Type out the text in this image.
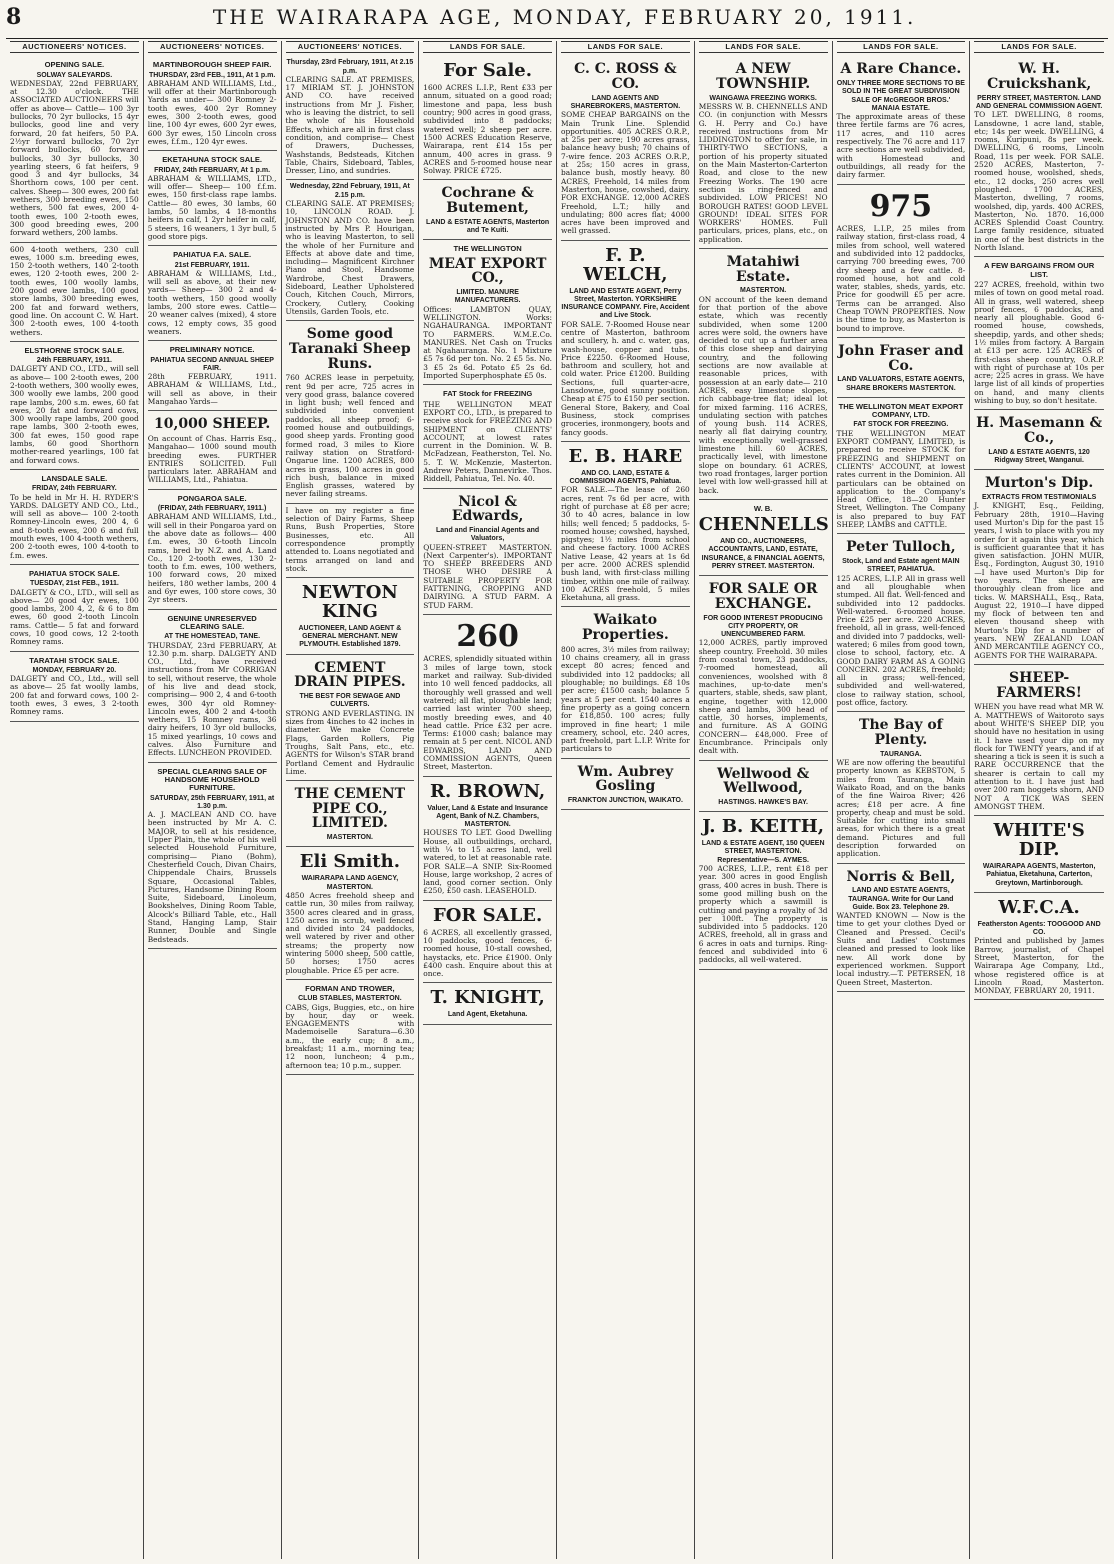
8	THE WAIRARAPA AGE, MONDAY, FEBRUARY 20, 1911.
AUCTIONEERS' NOTICES.
OPENING SALE.
SOLWAY SALEYARDS.
WEDNESDAY, 22nd FEBRUARY, at 12.30 o'clock. THE ASSOCIATED AUCTIONEERS will offer as above— Cattle— 100 3yr bullocks, 70 2yr bullocks, 15 4yr bullocks, good line and very forward, 20 fat heifers, 50 P.A. 2½yr forward bullocks, 70 2yr forward bullocks, 60 forward bullocks, 30 3yr bullocks, 30 yearling steers, 6 fat heifers, 9 good 3 and 4yr bullocks, 34 Shorthorn cows, 100 per cent. calves. Sheep— 300 ewes, 200 fat wethers, 300 breeding ewes, 150 wethers, 500 fat ewes, 200 4-tooth ewes, 100 2-tooth ewes, 300 good breeding ewes, 200 forward wethers, 200 lambs.
600 4-tooth wethers, 230 cull ewes, 1000 s.m. breeding ewes, 150 2-tooth wethers, 140 2-tooth ewes, 120 2-tooth ewes, 200 2-tooth ewes, 100 woolly lambs, 200 good ewe lambs, 100 good store lambs, 300 breeding ewes, 200 fat and forward wethers, good line. On account C. W. Hart. 300 2-tooth ewes, 100 4-tooth wethers.
ELSTHORNE STOCK SALE.
24th FEBRUARY, 1911.
DALGETY AND CO., LTD., will sell as above— 100 2-tooth ewes, 200 2-tooth wethers, 300 woolly ewes, 300 woolly ewe lambs, 200 good rape lambs, 200 s.m. ewes, 60 fat ewes, 20 fat and forward cows, 300 woolly rape lambs, 200 good rape lambs, 300 2-tooth ewes, 300 fat ewes, 150 good rape lambs, 60 good Shorthorn mother-reared yearlings, 100 fat and forward cows.
LANSDALE SALE.
FRIDAY, 24th FEBRUARY.
To be held in Mr H. H. RYDER'S YARDS. DALGETY AND CO., Ltd., will sell as above— 100 2-tooth Romney-Lincoln ewes, 200 4, 6 and 8-tooth ewes, 200 6 and full mouth ewes, 100 4-tooth wethers, 200 2-tooth ewes, 100 4-tooth to f.m. ewes.
PAHIATUA STOCK SALE.
TUESDAY, 21st FEB., 1911.
DALGETY & CO., LTD., will sell as above— 20 good 4yr ewes, 100 good lambs, 200 4, 2, & 6 to 8m ewes, 60 good 2-tooth Lincoln rams. Cattle— 5 fat and forward cows, 10 good cows, 12 2-tooth Romney rams.
TARATAHI STOCK SALE.
MONDAY, FEBRUARY 20.
DALGETY and CO., Ltd., will sell as above— 25 fat woolly lambs, 200 fat and forward cows, 100 2-tooth ewes, 3 ewes, 3 2-tooth Romney rams.
AUCTIONEERS' NOTICES.
MARTINBOROUGH SHEEP FAIR.
THURSDAY, 23rd FEB., 1911, At 1 p.m.
ABRAHAM AND WILLIAMS, Ltd., will offer at their Martinborough Yards as under— 300 Romney 2-tooth ewes, 400 2yr Romney ewes, 300 2-tooth ewes, good line, 100 4yr ewes, 600 2yr ewes, 600 3yr ewes, 150 Lincoln cross ewes, f.f.m., 120 4yr ewes.
EKETAHUNA STOCK SALE.
FRIDAY, 24th FEBRUARY, At 1 p.m.
ABRAHAM & WILLIAMS, LTD., will offer— Sheep— 100 f.f.m. ewes, 150 first-class rape lambs. Cattle— 80 ewes, 30 lambs, 60 lambs, 50 lambs, 4 18-months heifers in calf, 1 2yr heifer in calf, 5 steers, 16 weaners, 1 3yr bull, 5 good store pigs.
PAHIATUA F.A. SALE.
21st FEBRUARY, 1911.
ABRAHAM & WILLIAMS, Ltd., will sell as above, at their new yards— Sheep— 300 2 and 4-tooth wethers, 150 good woolly lambs, 200 store ewes. Cattle— 20 weaner calves (mixed), 4 store cows, 12 empty cows, 35 good weaners.
PRELIMINARY NOTICE.
PAHIATUA SECOND ANNUAL SHEEP FAIR.
28th FEBRUARY, 1911. ABRAHAM & WILLIAMS, Ltd., will sell as above, in their Mangahao Yards—
10,000 SHEEP.
On account of Chas. Harris Esq., Mangahao— 1000 sound mouth breeding ewes. FURTHER ENTRIES SOLICITED. Full particulars later. ABRAHAM and WILLIAMS, Ltd., Pahiatua.
PONGAROA SALE.
(FRIDAY, 24th FEBRUARY, 1911.)
ABRAHAM AND WILLIAMS, Ltd., will sell in their Pongaroa yard on the above date as follows— 400 f.m. ewes, 30 6-tooth Lincoln rams, bred by N.Z. and A. Land Co., 120 2-tooth ewes, 130 2-tooth to f.m. ewes, 100 wethers, 100 forward cows, 20 mixed heifers, 180 wether lambs, 200 4 and 6yr ewes, 100 store cows, 30 2yr steers.
GENUINE UNRESERVED CLEARING SALE.
AT THE HOMESTEAD, TANE.
THURSDAY, 23rd FEBRUARY, At 12.30 p.m. sharp. DALGETY AND CO., Ltd., have received instructions from Mr CORRIGAN to sell, without reserve, the whole of his live and dead stock, comprising— 900 2, 4 and 6-tooth ewes, 300 4yr old Romney-Lincoln ewes, 400 2 and 4-tooth wethers, 15 Romney rams, 36 dairy heifers, 10 3yr old bullocks, 15 mixed yearlings, 10 cows and calves. Also Furniture and Effects. LUNCHEON PROVIDED.
SPECIAL CLEARING SALE OF HANDSOME HOUSEHOLD FURNITURE.
SATURDAY, 25th FEBRUARY, 1911, at 1.30 p.m.
A. J. MACLEAN AND CO. have been instructed by Mr A. C. MAJOR, to sell at his residence, Upper Plain, the whole of his well selected Household Furniture, comprising— Piano (Bohm), Chesterfield Couch, Divan Chairs, Chippendale Chairs, Brussels Square, Occasional Tables, Pictures, Handsome Dining Room Suite, Sideboard, Linoleum, Bookshelves, Dining Room Table, Alcock's Billiard Table, etc., Hall Stand, Hanging Lamp, Stair Runner, Double and Single Bedsteads.
AUCTIONEERS' NOTICES.
Thursday, 23rd February, 1911, At 2.15 p.m.
CLEARING SALE. AT PREMISES, 17 MIRIAM ST. J. JOHNSTON AND CO. have received instructions from Mr J. Fisher, who is leaving the district, to sell the whole of his Household Effects, which are all in first class condition, and comprise— Chest of Drawers, Duchesses, Washstands, Bedsteads, Kitchen Table, Chairs, Sideboard, Tables, Dresser, Lino, and sundries.
Wednesday, 22nd February, 1911, At 2.15 p.m.
CLEARING SALE. AT PREMISES; 10, LINCOLN ROAD. J. JOHNSTON AND CO. have been instructed by Mrs P. Hourigan, who is leaving Masterton, to sell the whole of her Furniture and Effects at above date and time, including— Magnificent Kirchner Piano and Stool, Handsome Wardrobe, Chest Drawers, Sideboard, Leather Upholstered Couch, Kitchen Couch, Mirrors, Crockery, Cutlery, Cooking Utensils, Garden Tools, etc.
Some good Taranaki Sheep Runs.
760 ACRES lease in perpetuity, rent 9d per acre, 725 acres in very good grass, balance covered in light bush; well fenced and subdivided into convenient paddocks, all sheep proof; 6-roomed house and outbuildings, good sheep yards. Fronting good formed road, 3 miles to Kiore railway station on Stratford-Ongarue line. 1200 ACRES, 800 acres in grass, 100 acres in good rich bush, balance in mixed English grasses, watered by never failing streams.
I have on my register a fine selection of Dairy Farms, Sheep Runs, Bush Properties, Store Businesses, etc. All correspondence promptly attended to. Loans negotiated and terms arranged on land and stock.
NEWTON KING
AUCTIONEER, LAND AGENT & GENERAL MERCHANT. NEW PLYMOUTH. Established 1879.
CEMENT DRAIN PIPES.
THE BEST FOR SEWAGE AND CULVERTS.
STRONG AND EVERLASTING. IN sizes from 4inches to 42 inches in diameter. We make Concrete Flags, Garden Rollers, Pig Troughs, Salt Pans, etc., etc. AGENTS for Wilson's STAR brand Portland Cement and Hydraulic Lime.
THE CEMENT PIPE CO., LIMITED.
MASTERTON.
Eli Smith.
WAIRARAPA LAND AGENCY, MASTERTON.
4850 Acres freehold sheep and cattle run, 30 miles from railway, 3500 acres cleared and in grass, 1250 acres in scrub, well fenced and divided into 24 paddocks, well watered by river and other streams; the property now wintering 5000 sheep, 500 cattle, 50 horses; 1750 acres ploughable. Price £5 per acre.
FORMAN AND TROWER,
CLUB STABLES, MASTERTON.
CABS, Gigs, Buggies, etc., on hire by hour, day or week. ENGAGEMENTS with Mademoiselle Saratura—6.30 a.m., the early cup; 8 a.m., breakfast; 11 a.m., morning tea; 12 noon, luncheon; 4 p.m., afternoon tea; 10 p.m., supper.
LANDS FOR SALE.
For Sale.
1600 ACRES L.I.P., Rent £33 per annum, situated on a good road; limestone and papa, less bush country; 900 acres in good grass, subdivided into 8 paddocks; watered well; 2 sheep per acre. 1500 ACRES Education Reserve, Wairarapa, rent £14 15s per annum, 400 acres in grass. 9 ACRES and 5-roomed house near Solway. PRICE £725.
Cochrane & Butement,
LAND & ESTATE AGENTS, Masterton and Te Kuiti.
THE WELLINGTON
MEAT EXPORT CO.,
LIMITED. MANURE MANUFACTURERS.
Offices: LAMBTON QUAY, WELLINGTON. Works: NGAHAURANGA. IMPORTANT TO FARMERS. W.M.E.Co. MANURES. Net Cash on Trucks at Ngahauranga. No. 1 Mixture £5 7s 6d per ton. No. 2 £5 5s. No. 3 £5 2s 6d. Potato £5 2s 6d. Imported Superphosphate £5 0s.
FAT Stock for FREEZING
THE WELLINGTON MEAT EXPORT CO., LTD., is prepared to receive stock for FREEZING AND SHIPMENT on CLIENTS' ACCOUNT, at lowest rates current in the Dominion. W. B. McFadzean, Featherston, Tel. No. 5. T. W. McKenzie, Masterton. Andrew Peters, Dannevirke. Thos. Riddell, Pahiatua, Tel. No. 40.
Nicol & Edwards,
Land and Financial Agents and Valuators,
QUEEN-STREET MASTERTON. (Next Carpenter's). IMPORTANT TO SHEEP BREEDERS AND THOSE WHO DESIRE A SUITABLE PROPERTY FOR FATTENING, CROPPING AND DAIRYING. A STUD FARM. A STUD FARM.
260
ACRES, splendidly situated within 3 miles of large town, stock market and railway. Sub-divided into 10 well fenced paddocks, all thoroughly well grassed and well watered; all flat, ploughable land; carried last winter 700 sheep, mostly breeding ewes, and 40 head cattle. Price £32 per acre. Terms: £1000 cash; balance may remain at 5 per cent. NICOL AND EDWARDS, LAND AND COMMISSION AGENTS, Queen Street, Masterton.
R. BROWN,
Valuer, Land & Estate and Insurance Agent, Bank of N.Z. Chambers, MASTERTON.
HOUSES TO LET. Good Dwelling House, all outbuildings, orchard, with ¼ to 15 acres land, well watered, to let at reasonable rate. FOR SALE—A SNIP. Six-Roomed House, large workshop, 2 acres of land, good corner section. Only £250, £50 cash. LEASEHOLD.
FOR SALE.
6 ACRES, all excellently grassed, 10 paddocks, good fences, 6-roomed house, 10-stall cowshed, haystacks, etc. Price £1900. Only £400 cash. Enquire about this at once.
T. KNIGHT,
Land Agent, Eketahuna.
LANDS FOR SALE.
C. C. ROSS & CO.
LAND AGENTS AND SHAREBROKERS, MASTERTON.
SOME CHEAP BARGAINS on the Main Trunk Line. Splendid opportunities. 405 ACRES O.R.P., at 25s per acre; 190 acres grass, balance heavy bush; 70 chains of 7-wire fence. 203 ACRES O.R.P., at 25s; 150 acres in grass, balance bush, mostly heavy. 80 ACRES, Freehold, 14 miles from Masterton, house, cowshed, dairy. FOR EXCHANGE. 12,000 ACRES Freehold, L.T.; hilly and undulating; 800 acres flat; 4000 acres have been improved and well grassed.
F. P. WELCH,
LAND AND ESTATE AGENT, Perry Street, Masterton. YORKSHIRE INSURANCE COMPANY. Fire, Accident and Live Stock.
FOR SALE. 7-Roomed House near centre of Masterton, bathroom and scullery, h. and c. water, gas, wash-house, copper and tubs. Price £2250. 6-Roomed House, bathroom and scullery, hot and cold water. Price £1200. Building Sections, full quarter-acre, Lansdowne, good sunny position. Cheap at £75 to £150 per section. General Store, Bakery, and Coal Business, stock comprises groceries, ironmongery, boots and fancy goods.
E. B. HARE
AND CO. LAND, ESTATE & COMMISSION AGENTS, Pahiatua.
FOR SALE.—The lease of 260 acres, rent 7s 6d per acre, with right of purchase at £8 per acre; 30 to 40 acres, balance in low hills; well fenced; 5 paddocks, 5-roomed house; cowshed, hayshed, pigstyes; 1½ miles from school and cheese factory. 1000 ACRES Native Lease, 42 years at 1s 6d per acre. 2000 ACRES splendid bush land, with first-class milling timber, within one mile of railway. 100 ACRES freehold, 5 miles Eketahuna, all grass.
Waikato Properties.
800 acres, 3½ miles from railway; 10 chains creamery, all in grass except 80 acres; fenced and subdivided into 12 paddocks; all ploughable; no buildings. £8 10s per acre; £1500 cash; balance 5 years at 5 per cent. 1540 acres a fine property as a going concern for £18,850. 100 acres; fully improved in fine heart; 1 mile creamery, school, etc. 240 acres, part freehold, part L.I.P. Write for particulars to
Wm. Aubrey Gosling
FRANKTON JUNCTION, WAIKATO.
LANDS FOR SALE.
A NEW TOWNSHIP.
WAINGAWA FREEZING WORKS.
MESSRS W. B. CHENNELLS AND CO. (in conjunction with Messrs G. H. Perry and Co.) have received instructions from Mr LIDDINGTON to offer for sale, in THIRTY-TWO SECTIONS, a portion of his property situated on the Main Masterton-Carterton Road, and close to the new Freezing Works. The 190 acre section is ring-fenced and subdivided. LOW PRICES! NO BOROUGH RATES! GOOD LEVEL GROUND! IDEAL SITES FOR WORKERS' HOMES. Full particulars, prices, plans, etc., on application.
Matahiwi Estate.
MASTERTON.
ON account of the keen demand for that portion of the above estate, which was recently subdivided, when some 1200 acres were sold, the owners have decided to cut up a further area of this close sheep and dairying country, and the following sections are now available at reasonable prices, with possession at an early date— 210 ACRES, easy limestone slopes, rich cabbage-tree flat; ideal lot for mixed farming. 116 ACRES, undulating section with patches of young bush. 114 ACRES, nearly all flat dairying country, with exceptionally well-grassed limestone hill. 60 ACRES, practically level, with limestone slope on boundary. 61 ACRES, two road frontages, larger portion level with low well-grassed hill at back.
W. B.
CHENNELLS
AND CO., AUCTIONEERS, ACCOUNTANTS, LAND, ESTATE, INSURANCE, & FINANCIAL AGENTS, PERRY STREET. MASTERTON.
FOR SALE OR EXCHANGE.
FOR GOOD INTEREST PRODUCING CITY PROPERTY, OR UNENCUMBERED FARM.
12,000 ACRES, partly improved sheep country. Freehold. 30 miles from coastal town, 23 paddocks, 7-roomed homestead, all conveniences, woolshed with 8 machines, up-to-date men's quarters, stable, sheds, saw plant, engine, together with 12,000 sheep and lambs, 300 head of cattle, 30 horses, implements, and furniture. AS A GOING CONCERN— £48,000. Free of Encumbrance. Principals only dealt with.
Wellwood & Wellwood,
HASTINGS. HAWKE'S BAY.
J. B. KEITH,
LAND & ESTATE AGENT, 150 QUEEN STREET, MASTERTON. Representative—S. AYMES.
700 ACRES, L.I.P., rent £18 per year. 300 acres in good English grass, 400 acres in bush. There is some good milling bush on the property which a sawmill is cutting and paying a royalty of 3d per 100ft. The property is subdivided into 5 paddocks. 120 ACRES, freehold, all in grass and 6 acres in oats and turnips. Ring-fenced and subdivided into 6 paddocks, all well-watered.
LANDS FOR SALE.
A Rare Chance.
ONLY THREE MORE SECTIONS TO BE SOLD IN THE GREAT SUBDIVISION SALE OF McGREGOR BROS.' MANAIA ESTATE.
The approximate areas of these three fertile farms are 76 acres, 117 acres, and 110 acres respectively. The 76 acre and 117 acre sections are well subdivided, with Homestead and outbuildings, all ready for the dairy farmer.
975
ACRES, L.I.P., 25 miles from railway station, first-class road, 4 miles from school, well watered and subdivided into 12 paddocks, carrying 700 breeding ewes, 700 dry sheep and a few cattle. 8-roomed house, hot and cold water, stables, sheds, yards, etc. Price for goodwill £5 per acre. Terms can be arranged. Also Cheap TOWN PROPERTIES. Now is the time to buy, as Masterton is bound to improve.
John Fraser and Co.
LAND VALUATORS, ESTATE AGENTS, SHARE BROKERS MASTERTON.
THE WELLINGTON MEAT EXPORT COMPANY, LTD.
FAT STOCK FOR FREEZING.
THE WELLINGTON MEAT EXPORT COMPANY, LIMITED, is prepared to receive STOCK for FREEZING and SHIPMENT on CLIENTS' ACCOUNT, at lowest rates current in the Dominion. All particulars can be obtained on application to the Company's Head Office, 18—20 Hunter Street, Wellington. The Company is also prepared to buy FAT SHEEP, LAMBS and CATTLE.
Peter Tulloch,
Stock, Land and Estate agent MAIN STREET, PAHIATUA.
125 ACRES, L.I.P. All in grass well and all ploughable when stumped. All flat. Well-fenced and subdivided into 12 paddocks. Well-watered. 6-roomed house. Price £25 per acre. 220 ACRES, freehold, all in grass, well-fenced and divided into 7 paddocks, well-watered; 6 miles from good town, close to school, factory, etc. A GOOD DAIRY FARM AS A GOING CONCERN. 202 ACRES, freehold; all in grass; well-fenced, subdivided and well-watered, close to railway station, school, post office, factory.
The Bay of Plenty.
TAURANGA.
WE are now offering the beautiful property known as KEBSTON, 5 miles from Tauranga, Main Waikato Road, and on the banks of the fine Wairoa River; 426 acres; £18 per acre. A fine property, cheap and must be sold. Suitable for cutting into small areas, for which there is a great demand. Pictures and full description forwarded on application.
Norris & Bell,
LAND AND ESTATE AGENTS, TAURANGA. Write for Our Land Guide. Box 23. Telephone 29.
WANTED KNOWN — Now is the time to get your clothes Dyed or Cleaned and Pressed. Cecil's Suits and Ladies' Costumes cleaned and pressed to look like new. All work done by experienced workmen. Support local industry.—T. PETERSEN, 18 Queen Street, Masterton.
LANDS FOR SALE.
W. H. Cruickshank,
PERRY STREET, MASTERTON. LAND AND GENERAL COMMISSION AGENT.
TO LET. DWELLING, 8 rooms, Lansdowne, 1 acre land, stable, etc; 14s per week. DWELLING, 4 rooms, Kuripuni, 8s per week. DWELLING, 6 rooms, Lincoln Road, 11s per week. FOR SALE. 2520 ACRES, Masterton, 7-roomed house, woolshed, sheds, etc., 12 docks, 250 acres well ploughed. 1700 ACRES, Masterton, dwelling, 7 rooms, woolshed, dip, yards. 400 ACRES, Masterton, No. 1870. 16,000 ACRES Splendid Coast Country. Large family residence, situated in one of the best districts in the North Island.
A FEW BARGAINS FROM OUR LIST.
227 ACRES, freehold, within two miles of town on good metal road. All in grass, well watered, sheep proof fences, 6 paddocks, and nearly all ploughable. Good 6-roomed house, cowsheds, sheepdip, yards, and other sheds; 1½ miles from factory. A Bargain at £13 per acre. 125 ACRES of first-class sheep country, O.R.P. with right of purchase at 10s per acre; 225 acres in grass. We have large list of all kinds of properties on hand, and many clients wishing to buy, so don't hesitate.
H. Masemann & Co.,
LAND & ESTATE AGENTS, 120 Ridgway Street, Wanganui.
Murton's Dip.
EXTRACTS FROM TESTIMONIALS
J. KNIGHT, Esq., Feilding, February 28th, 1910—Having used Murton's Dip for the past 15 years, I wish to place with you my order for it again this year, which is sufficient guarantee that it has given satisfaction. JOHN MUIR, Esq., Fordington, August 30, 1910—I have used Murton's Dip for two years. The sheep are thoroughly clean from lice and ticks. W. MARSHALL, Esq., Rata, August 22, 1910—I have dipped my flock of between ten and eleven thousand sheep with Murton's Dip for a number of years. NEW ZEALAND LOAN AND MERCANTILE AGENCY CO., AGENTS FOR THE WAIRARAPA.
SHEEP-FARMERS!
WHEN you have read what MR W. A. MATTHEWS of Waitoroto says about WHITE'S SHEEP DIP, you should have no hesitation in using it. I have used your dip on my flock for TWENTY years, and if at shearing a tick is seen it is such a RARE OCCURRENCE that the shearer is certain to call my attention to it. I have just had over 200 ram hoggets shorn, AND NOT A TICK WAS SEEN AMONGST THEM.
WHITE'S DIP.
WAIRARAPA AGENTS, Masterton, Pahiatua, Eketahuna, Carterton, Greytown, Martinborough.
W.F.C.A.
Featherston Agents: TOOGOOD AND CO.
Printed and published by James Barrow, journalist, of Chapel Street, Masterton, for the Wairarapa Age Company, Ltd., whose registered office is at Lincoln Road, Masterton. MONDAY, FEBRUARY 20, 1911.
